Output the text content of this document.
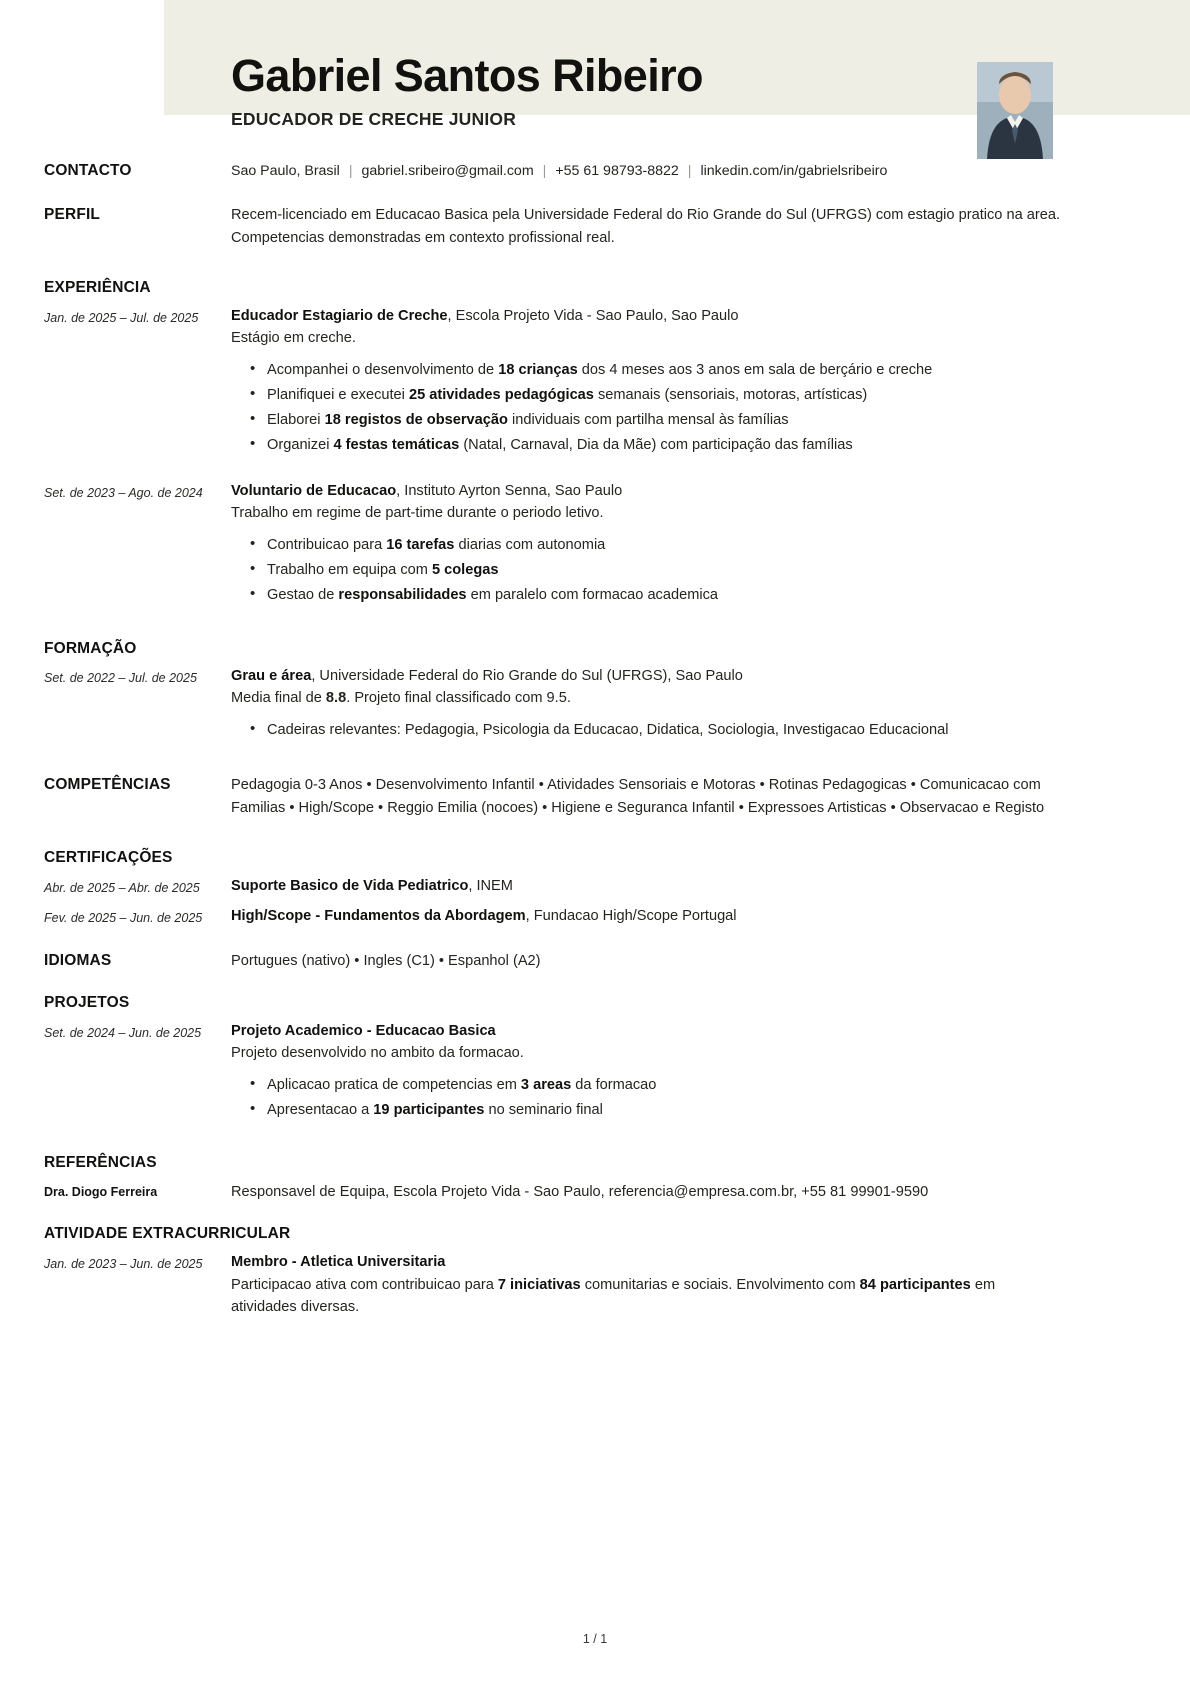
Gabriel Santos Ribeiro
EDUCADOR DE CRECHE JUNIOR
CONTACTO	Sao Paulo, Brasil | gabriel.sribeiro@gmail.com | +55 61 98793-8822 | linkedin.com/in/gabrielsribeiro
PERFIL	Recem-licenciado em Educacao Basica pela Universidade Federal do Rio Grande do Sul (UFRGS) com estagio pratico na area. Competencias demonstradas em contexto profissional real.
EXPERIÊNCIA
Jan. de 2025 – Jul. de 2025	Educador Estagiario de Creche, Escola Projeto Vida - Sao Paulo, Sao Paulo
Estágio em creche.
• Acompanhei o desenvolvimento de 18 crianças dos 4 meses aos 3 anos em sala de berçário e creche
• Planifiquei e executei 25 atividades pedagógicas semanais (sensoriais, motoras, artísticas)
• Elaborei 18 registos de observação individuais com partilha mensal às famílias
• Organizei 4 festas temáticas (Natal, Carnaval, Dia da Mãe) com participação das famílias
Set. de 2023 – Ago. de 2024	Voluntario de Educacao, Instituto Ayrton Senna, Sao Paulo
Trabalho em regime de part-time durante o periodo letivo.
• Contribuicao para 16 tarefas diarias com autonomia
• Trabalho em equipa com 5 colegas
• Gestao de responsabilidades em paralelo com formacao academica
FORMAÇÃO
Set. de 2022 – Jul. de 2025	Grau e área, Universidade Federal do Rio Grande do Sul (UFRGS), Sao Paulo
Media final de 8.8. Projeto final classificado com 9.5.
• Cadeiras relevantes: Pedagogia, Psicologia da Educacao, Didatica, Sociologia, Investigacao Educacional
COMPETÊNCIAS	Pedagogia 0-3 Anos • Desenvolvimento Infantil • Atividades Sensoriais e Motoras • Rotinas Pedagogicas • Comunicacao com Familias • High/Scope • Reggio Emilia (nocoes) • Higiene e Seguranca Infantil • Expressoes Artisticas • Observacao e Registo
CERTIFICAÇÕES
Abr. de 2025 – Abr. de 2025	Suporte Basico de Vida Pediatrico, INEM
Fev. de 2025 – Jun. de 2025	High/Scope - Fundamentos da Abordagem, Fundacao High/Scope Portugal
IDIOMAS	Portugues (nativo) • Ingles (C1) • Espanhol (A2)
PROJETOS
Set. de 2024 – Jun. de 2025	Projeto Academico - Educacao Basica
Projeto desenvolvido no ambito da formacao.
• Aplicacao pratica de competencias em 3 areas da formacao
• Apresentacao a 19 participantes no seminario final
REFERÊNCIAS
Dra. Diogo Ferreira	Responsavel de Equipa, Escola Projeto Vida - Sao Paulo, referencia@empresa.com.br, +55 81 99901-9590
ATIVIDADE EXTRACURRICULAR
Jan. de 2023 – Jun. de 2025	Membro - Atletica Universitaria
Participacao ativa com contribuicao para 7 iniciativas comunitarias e sociais. Envolvimento com 84 participantes em atividades diversas.
1 / 1
